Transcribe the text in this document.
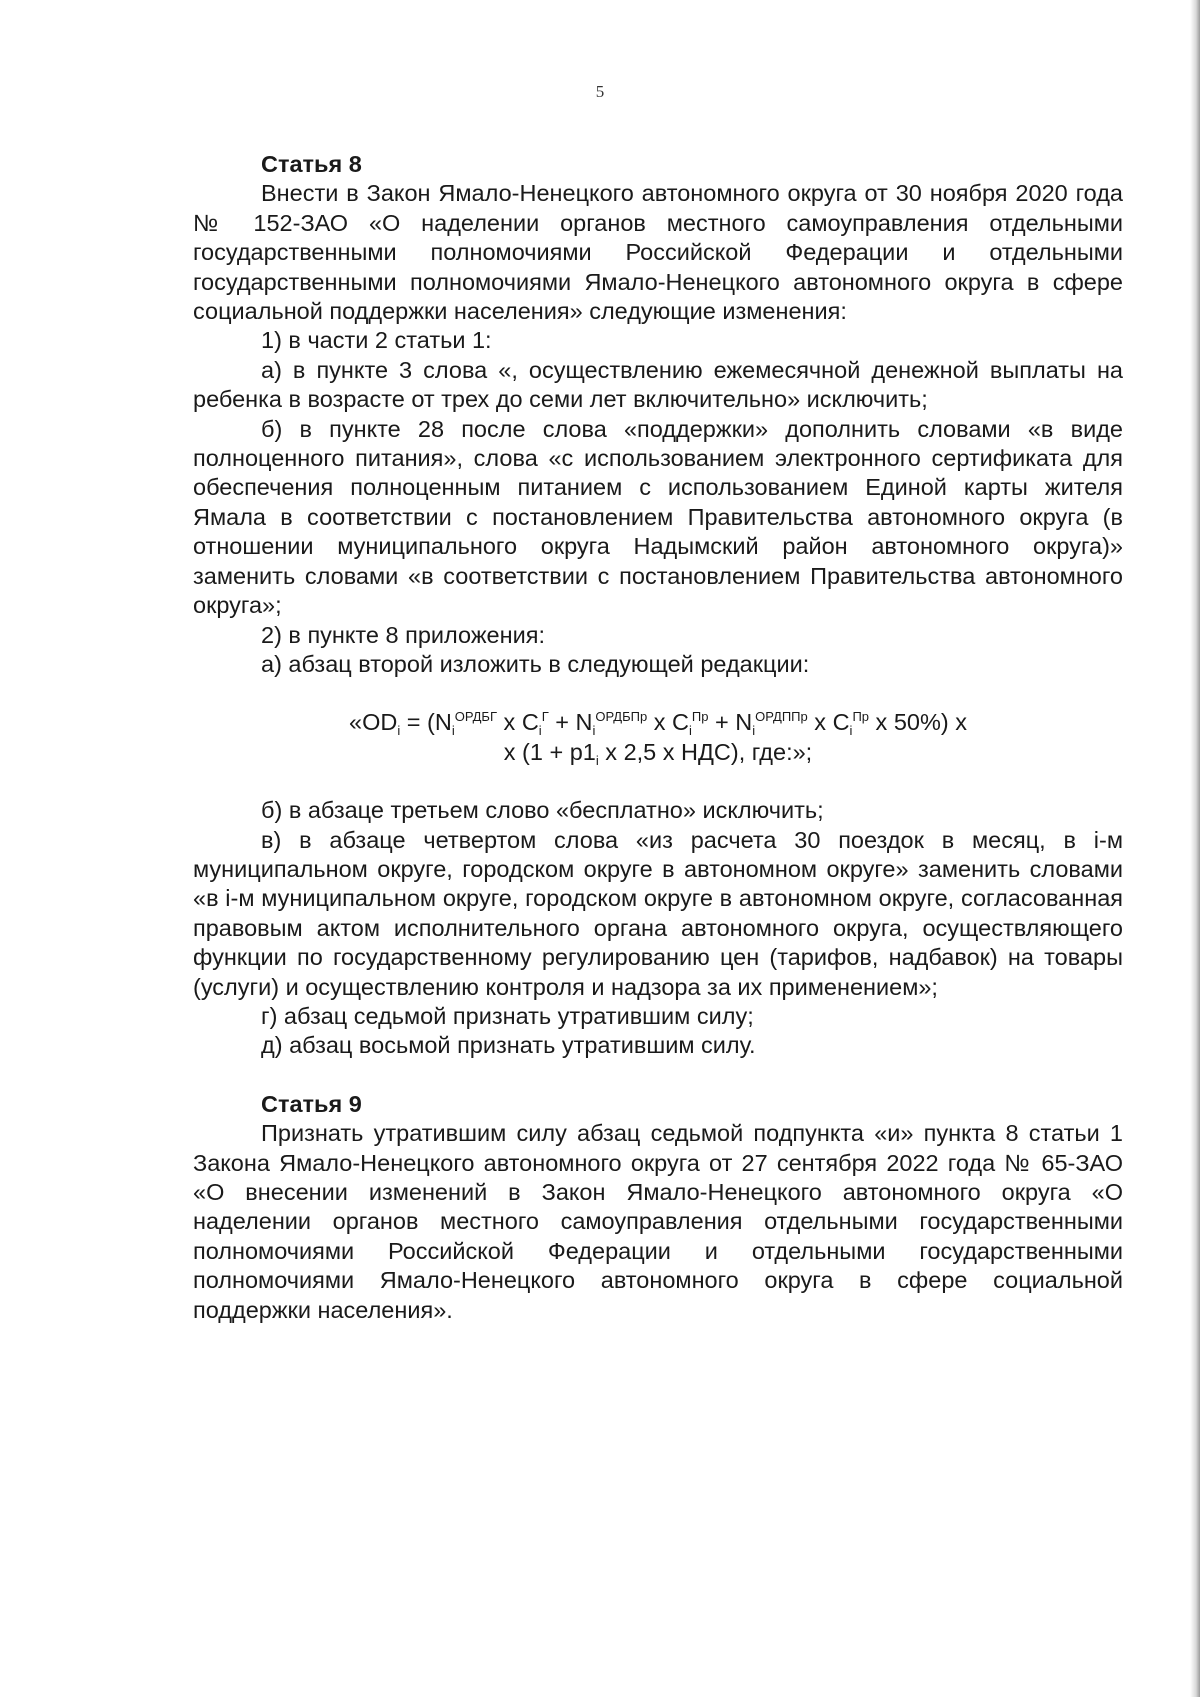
5

Статья 8

Внести в Закон Ямало-Ненецкого автономного округа от 30 ноября 2020 года № 152-ЗАО «О наделении органов местного самоуправления отдельными государственными полномочиями Российской Федерации и отдельными государственными полномочиями Ямало-Ненецкого автономного округа в сфере социальной поддержки населения» следующие изменения:

1) в части 2 статьи 1:

а) в пункте 3 слова «, осуществлению ежемесячной денежной выплаты на ребенка в возрасте от трех до семи лет включительно» исключить;

б) в пункте 28 после слова «поддержки» дополнить словами «в виде полноценного питания», слова «с использованием электронного сертификата для обеспечения полноценным питанием с использованием Единой карты жителя Ямала в соответствии с постановлением Правительства автономного округа (в отношении муниципального округа Надымский район автономного округа)» заменить словами «в соответствии с постановлением Правительства автономного округа»;

2) в пункте 8 приложения:

а) абзац второй изложить в следующей редакции:

«$OD_i = (N_i^{ОРДБГ}$ x $C_i^Г + N_i^{ОРДБПр}$ x $C_i^{Пр} + N_i^{ОРДППр}$ x $C_i^{Пр}$ x 50%) x
x ($1 + p1_i$ x 2,5 x НДС), где:»;

б) в абзаце третьем слово «бесплатно» исключить;

в) в абзаце четвертом слова «из расчета 30 поездок в месяц, в i-м муниципальном округе, городском округе в автономном округе» заменить словами «в i-м муниципальном округе, городском округе в автономном округе, согласованная правовым актом исполнительного органа автономного округа, осуществляющего функции по государственному регулированию цен (тарифов, надбавок) на товары (услуги) и осуществлению контроля и надзора за их применением»;

г) абзац седьмой признать утратившим силу;

д) абзац восьмой признать утратившим силу.

Статья 9

Признать утратившим силу абзац седьмой подпункта «и» пункта 8 статьи 1 Закона Ямало-Ненецкого автономного округа от 27 сентября 2022 года № 65-ЗАО «О внесении изменений в Закон Ямало-Ненецкого автономного округа «О наделении органов местного самоуправления отдельными государственными полномочиями Российской Федерации и отдельными государственными полномочиями Ямало-Ненецкого автономного округа в сфере социальной поддержки населения».
